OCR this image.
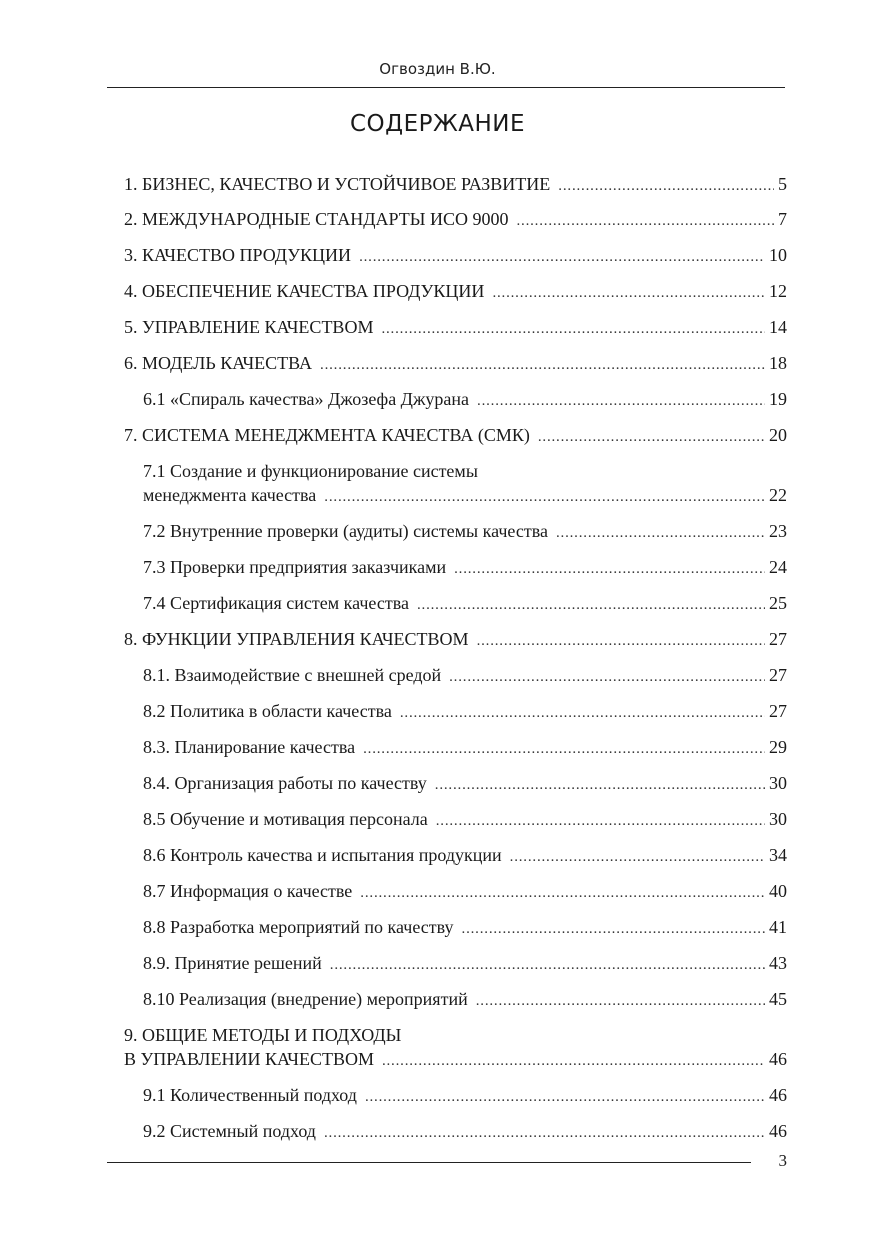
Огвоздин В.Ю.
СОДЕРЖАНИЕ
1. БИЗНЕС, КАЧЕСТВО И УСТОЙЧИВОЕ РАЗВИТИЕ .....	5
2. МЕЖДУНАРОДНЫЕ СТАНДАРТЫ ИСО 9000 .....	7
3. КАЧЕСТВО ПРОДУКЦИИ .....	10
4. ОБЕСПЕЧЕНИЕ КАЧЕСТВА ПРОДУКЦИИ .....	12
5. УПРАВЛЕНИЕ КАЧЕСТВОМ .....	14
6. МОДЕЛЬ КАЧЕСТВА .....	18
6.1 «Спираль качества» Джозефа Джурана .....	19
7. СИСТЕМА МЕНЕДЖМЕНТА КАЧЕСТВА (СМК) .....	20
7.1 Создание и функционирование системы
менеджмента качества .....	22
7.2 Внутренние проверки (аудиты) системы качества .....	23
7.3 Проверки предприятия заказчиками .....	24
7.4 Сертификация систем качества .....	25
8. ФУНКЦИИ УПРАВЛЕНИЯ КАЧЕСТВОМ .....	27
8.1. Взаимодействие с внешней средой .....	27
8.2 Политика в области качества .....	27
8.3. Планирование качества .....	29
8.4. Организация работы по качеству .....	30
8.5 Обучение и мотивация персонала .....	30
8.6 Контроль качества и испытания продукции .....	34
8.7 Информация о качестве .....	40
8.8 Разработка мероприятий по качеству .....	41
8.9. Принятие решений .....	43
8.10 Реализация (внедрение) мероприятий .....	45
9. ОБЩИЕ МЕТОДЫ И ПОДХОДЫ
В УПРАВЛЕНИИ КАЧЕСТВОМ .....	46
9.1 Количественный подход .....	46
9.2 Системный подход .....	46
3
